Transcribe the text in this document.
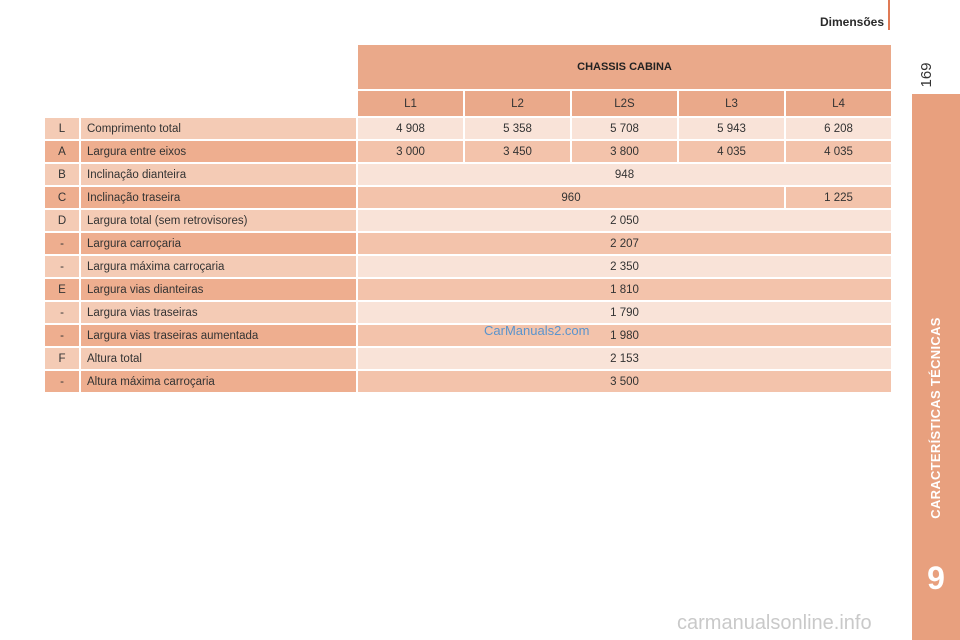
Dimensões
169
CARACTERÍSTICAS TÉCNICAS
9
		CHASSIS CABINA				
		L1	L2	L2S	L3	L4
L	Comprimento total	4 908	5 358	5 708	5 943	6 208
A	Largura entre eixos	3 000	3 450	3 800	4 035	4 035
B	Inclinação dianteira	948				
C	Inclinação traseira	960				1 225
D	Largura total (sem retrovisores)	2 050				
-	Largura carroçaria	2 207				
-	Largura máxima carroçaria	2 350				
E	Largura vias dianteiras	1 810				
-	Largura vias traseiras	1 790				
-	Largura vias traseiras aumentada	1 980				
F	Altura total	2 153				
-	Altura máxima carroçaria	3 500				
CarManuals2.com
carmanualsonline.info
